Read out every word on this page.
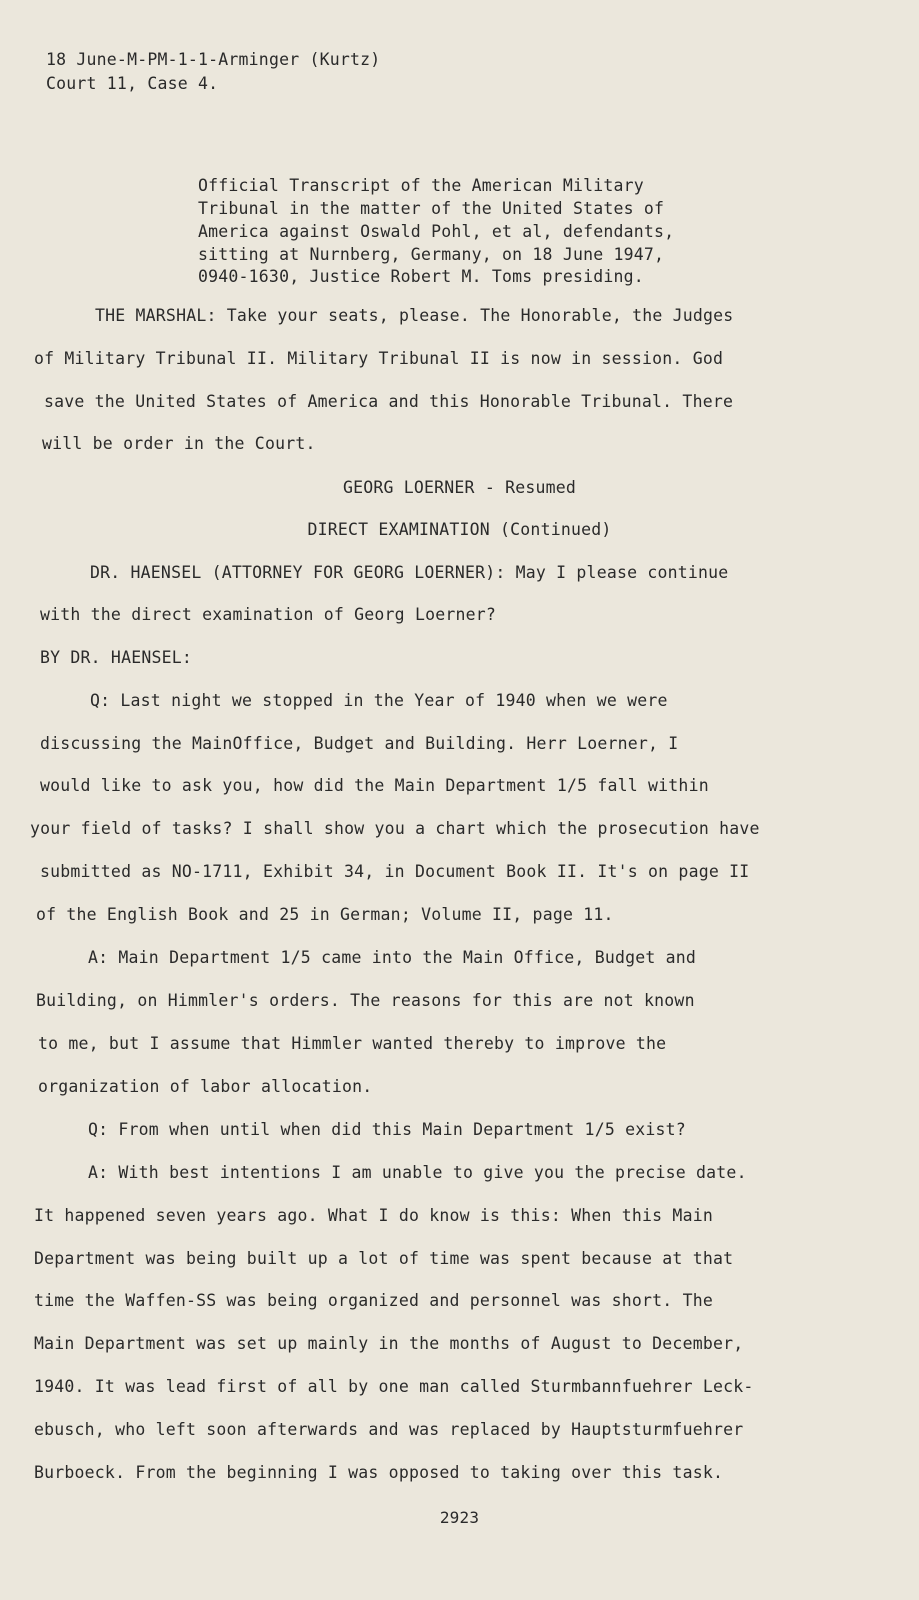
18 June-M-PM-1-1-Arminger (Kurtz)
Court 11, Case 4.
Official Transcript of the American Military
Tribunal in the matter of the United States of
America against Oswald Pohl, et al, defendants,
sitting at Nurnberg, Germany, on 18 June 1947,
0940-1630, Justice Robert M. Toms presiding.
THE MARSHAL: Take your seats, please. The Honorable, the Judges
of Military Tribunal II. Military Tribunal II is now in session. God
save the United States of America and this Honorable Tribunal. There
will be order in the Court.
GEORG LOERNER - Resumed
DIRECT EXAMINATION (Continued)
DR. HAENSEL (ATTORNEY FOR GEORG LOERNER): May I please continue
with the direct examination of Georg Loerner?
BY DR. HAENSEL:
Q: Last night we stopped in the Year of 1940 when we were
discussing the MainOffice, Budget and Building. Herr Loerner, I
would like to ask you, how did the Main Department 1/5 fall within
your field of tasks? I shall show you a chart which the prosecution have
submitted as NO-1711, Exhibit 34, in Document Book II. It's on page II
of the English Book and 25 in German; Volume II, page 11.
A: Main Department 1/5 came into the Main Office, Budget and
Building, on Himmler's orders. The reasons for this are not known
to me, but I assume that Himmler wanted thereby to improve the
organization of labor allocation.
Q: From when until when did this Main Department 1/5 exist?
A: With best intentions I am unable to give you the precise date.
It happened seven years ago. What I do know is this: When this Main
Department was being built up a lot of time was spent because at that
time the Waffen-SS was being organized and personnel was short. The
Main Department was set up mainly in the months of August to December,
1940. It was lead first of all by one man called Sturmbannfuehrer Leck-
ebusch, who left soon afterwards and was replaced by Hauptsturmfuehrer
Burboeck. From the beginning I was opposed to taking over this task.
2923
